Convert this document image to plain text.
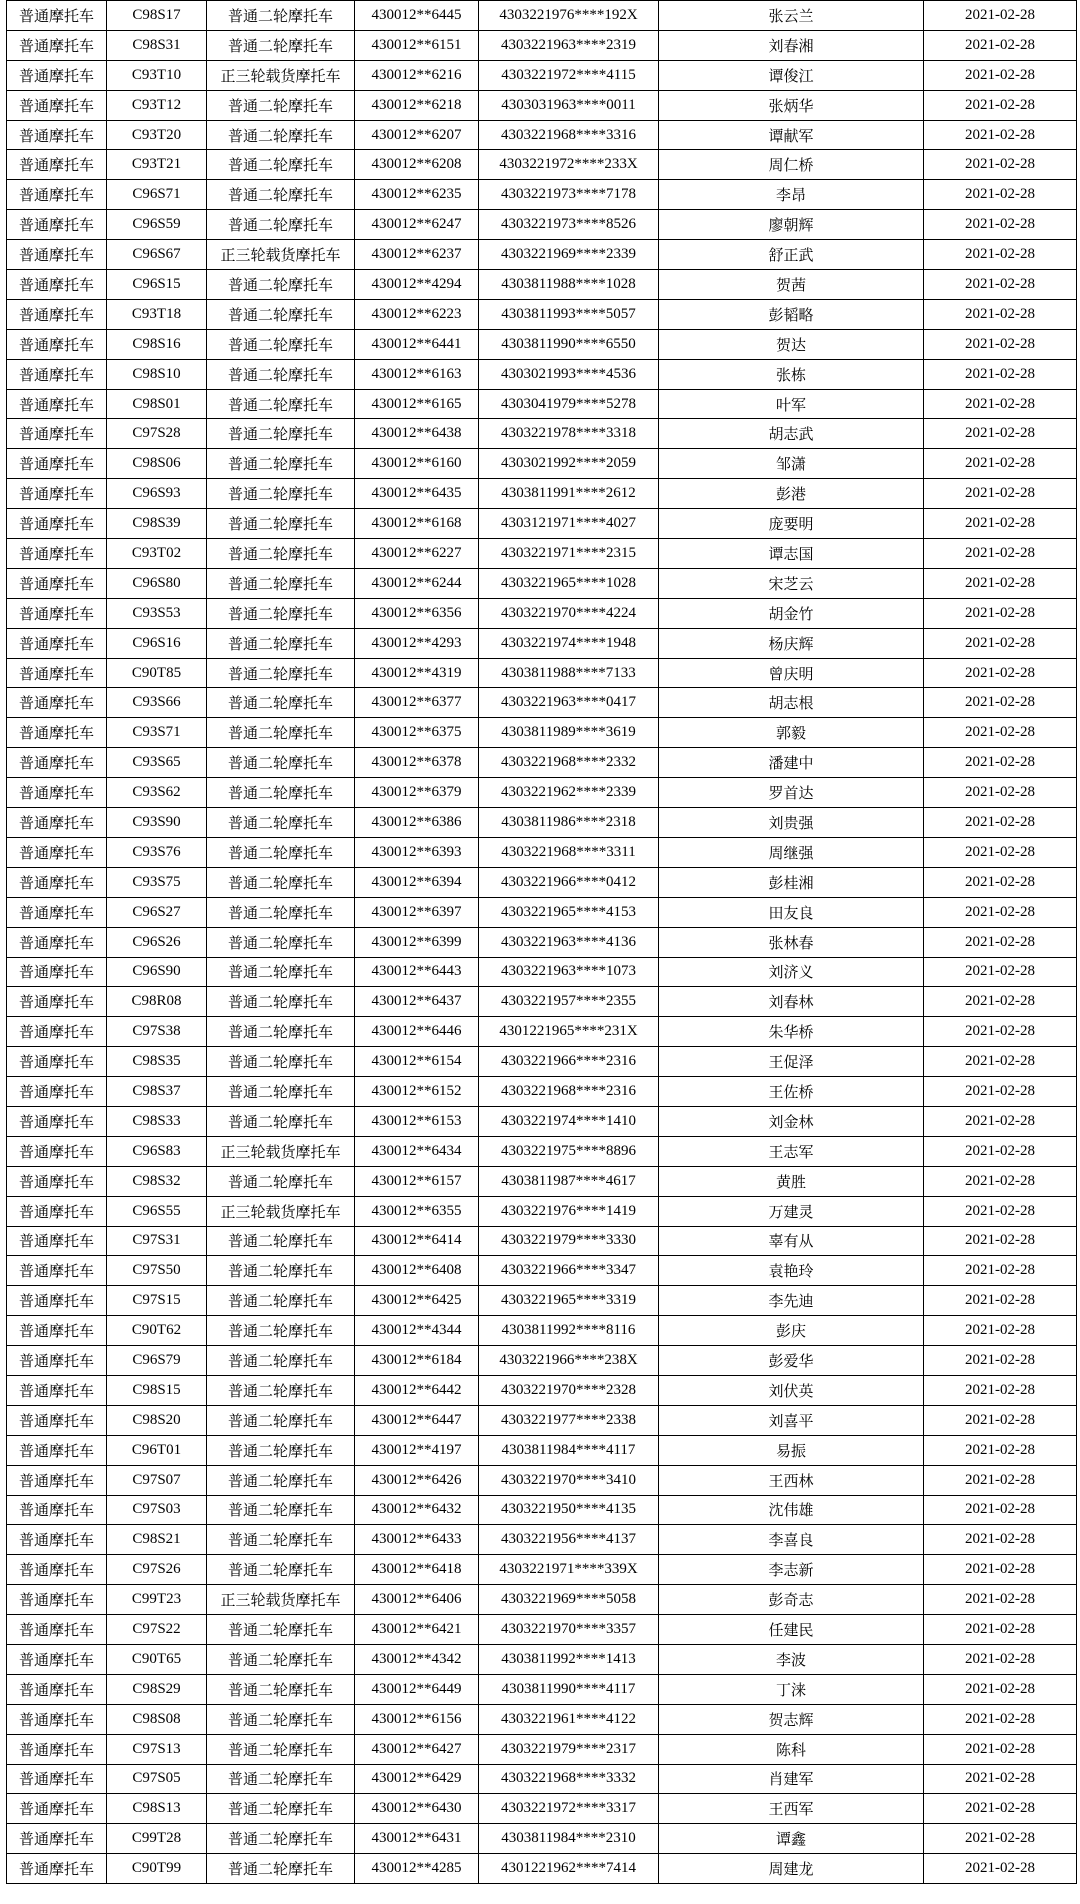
普通摩托车	C98S17	普通二轮摩托车	430012**6445	4303221976****192X	张云兰	2021-02-28
普通摩托车	C98S31	普通二轮摩托车	430012**6151	4303221963****2319	刘春湘	2021-02-28
普通摩托车	C93T10	正三轮载货摩托车	430012**6216	4303221972****4115	谭俊江	2021-02-28
普通摩托车	C93T12	普通二轮摩托车	430012**6218	4303031963****0011	张炳华	2021-02-28
普通摩托车	C93T20	普通二轮摩托车	430012**6207	4303221968****3316	谭献军	2021-02-28
普通摩托车	C93T21	普通二轮摩托车	430012**6208	4303221972****233X	周仁桥	2021-02-28
普通摩托车	C96S71	普通二轮摩托车	430012**6235	4303221973****7178	李昂	2021-02-28
普通摩托车	C96S59	普通二轮摩托车	430012**6247	4303221973****8526	廖朝辉	2021-02-28
普通摩托车	C96S67	正三轮载货摩托车	430012**6237	4303221969****2339	舒正武	2021-02-28
普通摩托车	C96S15	普通二轮摩托车	430012**4294	4303811988****1028	贺茜	2021-02-28
普通摩托车	C93T18	普通二轮摩托车	430012**6223	4303811993****5057	彭韬略	2021-02-28
普通摩托车	C98S16	普通二轮摩托车	430012**6441	4303811990****6550	贺达	2021-02-28
普通摩托车	C98S10	普通二轮摩托车	430012**6163	4303021993****4536	张栋	2021-02-28
普通摩托车	C98S01	普通二轮摩托车	430012**6165	4303041979****5278	叶军	2021-02-28
普通摩托车	C97S28	普通二轮摩托车	430012**6438	4303221978****3318	胡志武	2021-02-28
普通摩托车	C98S06	普通二轮摩托车	430012**6160	4303021992****2059	邹潇	2021-02-28
普通摩托车	C96S93	普通二轮摩托车	430012**6435	4303811991****2612	彭港	2021-02-28
普通摩托车	C98S39	普通二轮摩托车	430012**6168	4303121971****4027	庞要明	2021-02-28
普通摩托车	C93T02	普通二轮摩托车	430012**6227	4303221971****2315	谭志国	2021-02-28
普通摩托车	C96S80	普通二轮摩托车	430012**6244	4303221965****1028	宋芝云	2021-02-28
普通摩托车	C93S53	普通二轮摩托车	430012**6356	4303221970****4224	胡金竹	2021-02-28
普通摩托车	C96S16	普通二轮摩托车	430012**4293	4303221974****1948	杨庆辉	2021-02-28
普通摩托车	C90T85	普通二轮摩托车	430012**4319	4303811988****7133	曾庆明	2021-02-28
普通摩托车	C93S66	普通二轮摩托车	430012**6377	4303221963****0417	胡志根	2021-02-28
普通摩托车	C93S71	普通二轮摩托车	430012**6375	4303811989****3619	郭毅	2021-02-28
普通摩托车	C93S65	普通二轮摩托车	430012**6378	4303221968****2332	潘建中	2021-02-28
普通摩托车	C93S62	普通二轮摩托车	430012**6379	4303221962****2339	罗首达	2021-02-28
普通摩托车	C93S90	普通二轮摩托车	430012**6386	4303811986****2318	刘贵强	2021-02-28
普通摩托车	C93S76	普通二轮摩托车	430012**6393	4303221968****3311	周继强	2021-02-28
普通摩托车	C93S75	普通二轮摩托车	430012**6394	4303221966****0412	彭桂湘	2021-02-28
普通摩托车	C96S27	普通二轮摩托车	430012**6397	4303221965****4153	田友良	2021-02-28
普通摩托车	C96S26	普通二轮摩托车	430012**6399	4303221963****4136	张林春	2021-02-28
普通摩托车	C96S90	普通二轮摩托车	430012**6443	4303221963****1073	刘济义	2021-02-28
普通摩托车	C98R08	普通二轮摩托车	430012**6437	4303221957****2355	刘春林	2021-02-28
普通摩托车	C97S38	普通二轮摩托车	430012**6446	4301221965****231X	朱华桥	2021-02-28
普通摩托车	C98S35	普通二轮摩托车	430012**6154	4303221966****2316	王促泽	2021-02-28
普通摩托车	C98S37	普通二轮摩托车	430012**6152	4303221968****2316	王佐桥	2021-02-28
普通摩托车	C98S33	普通二轮摩托车	430012**6153	4303221974****1410	刘金林	2021-02-28
普通摩托车	C96S83	正三轮载货摩托车	430012**6434	4303221975****8896	王志军	2021-02-28
普通摩托车	C98S32	普通二轮摩托车	430012**6157	4303811987****4617	黄胜	2021-02-28
普通摩托车	C96S55	正三轮载货摩托车	430012**6355	4303221976****1419	万建灵	2021-02-28
普通摩托车	C97S31	普通二轮摩托车	430012**6414	4303221979****3330	辜有从	2021-02-28
普通摩托车	C97S50	普通二轮摩托车	430012**6408	4303221966****3347	袁艳玲	2021-02-28
普通摩托车	C97S15	普通二轮摩托车	430012**6425	4303221965****3319	李先迪	2021-02-28
普通摩托车	C90T62	普通二轮摩托车	430012**4344	4303811992****8116	彭庆	2021-02-28
普通摩托车	C96S79	普通二轮摩托车	430012**6184	4303221966****238X	彭爱华	2021-02-28
普通摩托车	C98S15	普通二轮摩托车	430012**6442	4303221970****2328	刘伏英	2021-02-28
普通摩托车	C98S20	普通二轮摩托车	430012**6447	4303221977****2338	刘喜平	2021-02-28
普通摩托车	C96T01	普通二轮摩托车	430012**4197	4303811984****4117	易振	2021-02-28
普通摩托车	C97S07	普通二轮摩托车	430012**6426	4303221970****3410	王西林	2021-02-28
普通摩托车	C97S03	普通二轮摩托车	430012**6432	4303221950****4135	沈伟雄	2021-02-28
普通摩托车	C98S21	普通二轮摩托车	430012**6433	4303221956****4137	李喜良	2021-02-28
普通摩托车	C97S26	普通二轮摩托车	430012**6418	4303221971****339X	李志新	2021-02-28
普通摩托车	C99T23	正三轮载货摩托车	430012**6406	4303221969****5058	彭奇志	2021-02-28
普通摩托车	C97S22	普通二轮摩托车	430012**6421	4303221970****3357	任建民	2021-02-28
普通摩托车	C90T65	普通二轮摩托车	430012**4342	4303811992****1413	李波	2021-02-28
普通摩托车	C98S29	普通二轮摩托车	430012**6449	4303811990****4117	丁涞	2021-02-28
普通摩托车	C98S08	普通二轮摩托车	430012**6156	4303221961****4122	贺志辉	2021-02-28
普通摩托车	C97S13	普通二轮摩托车	430012**6427	4303221979****2317	陈科	2021-02-28
普通摩托车	C97S05	普通二轮摩托车	430012**6429	4303221968****3332	肖建军	2021-02-28
普通摩托车	C98S13	普通二轮摩托车	430012**6430	4303221972****3317	王西军	2021-02-28
普通摩托车	C99T28	普通二轮摩托车	430012**6431	4303811984****2310	谭鑫	2021-02-28
普通摩托车	C90T99	普通二轮摩托车	430012**4285	4301221962****7414	周建龙	2021-02-28
